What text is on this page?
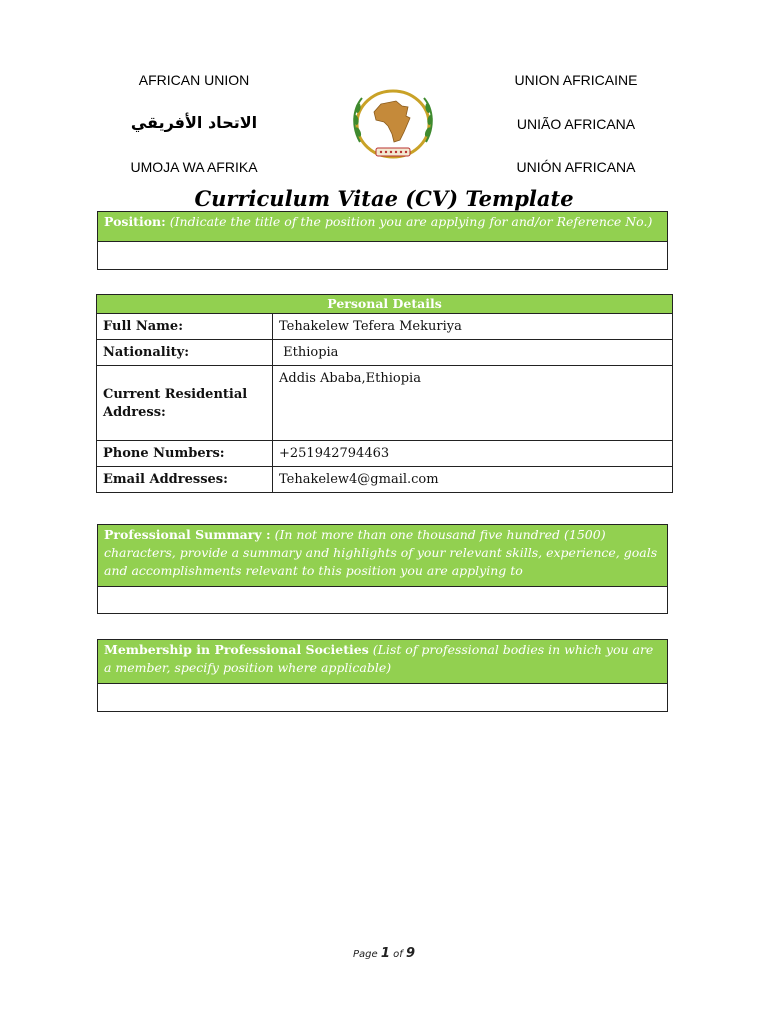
AFRICAN UNION
الاتحاد الأفريقي
UMOJA WA AFRIKA
UNION AFRICAINE
UNIÃO AFRICANA
UNIÓN AFRICANA
Curriculum Vitae (CV) Template
Position: (Indicate the title of the position you are applying for and/or Reference No.)
Personal Details	
Full Name:	Tehakelew Tefera Mekuriya
Nationality:	Ethiopia
Current Residential Address:	Addis Ababa,Ethiopia
Phone Numbers:	+251942794463
Email Addresses:	Tehakelew4@gmail.com
Professional Summary : (In not more than one thousand five hundred (1500) characters, provide a summary and highlights of your relevant skills, experience, goals and accomplishments relevant to this position you are applying to
Membership in Professional Societies (List of professional bodies in which you are a member, specify position where applicable)
Page 1 of 9
